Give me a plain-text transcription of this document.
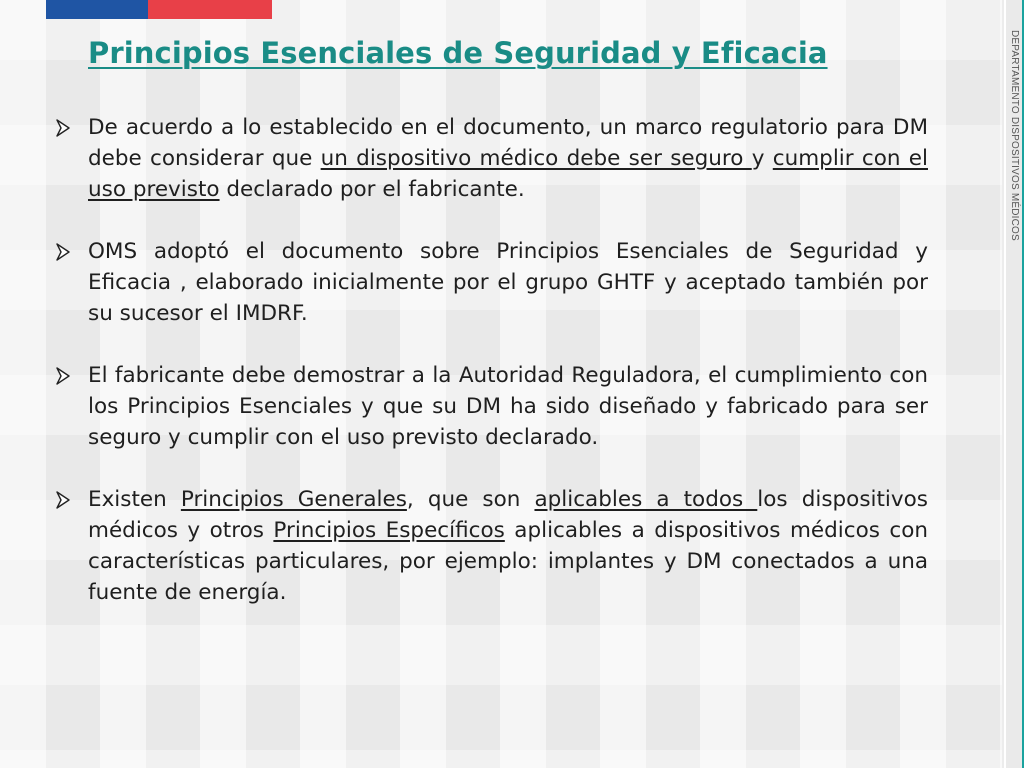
DEPARTAMENTO DISPOSITIVOS MÉDICOS
Principios Esenciales de Seguridad y Eficacia

De acuerdo a lo establecido en el documento, un marco regulatorio para DM debe considerar que un dispositivo médico debe ser seguro y cumplir con el uso previsto declarado por el fabricante.

OMS adoptó el documento sobre Principios Esenciales de Seguridad y Eficacia , elaborado inicialmente por el grupo GHTF y aceptado también por su sucesor el IMDRF.

El fabricante debe demostrar a la Autoridad Reguladora, el cumplimiento con los Principios Esenciales y que su DM ha sido diseñado y fabricado para ser seguro y cumplir con el uso previsto declarado.

Existen Principios Generales, que son aplicables a todos los dispositivos médicos y otros Principios Específicos aplicables a dispositivos médicos con características particulares, por ejemplo: implantes y DM conectados a una fuente de energía.
